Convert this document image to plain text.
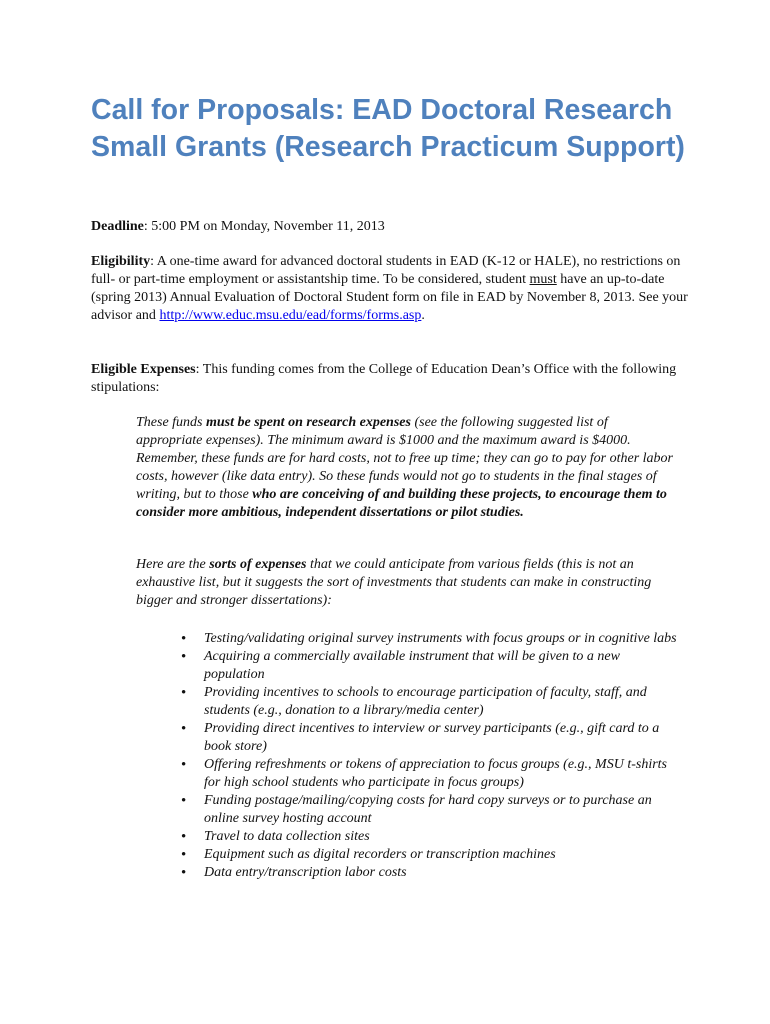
Call for Proposals: EAD Doctoral Research Small Grants (Research Practicum Support)

Deadline: 5:00 PM on Monday, November 11, 2013

Eligibility: A one-time award for advanced doctoral students in EAD (K-12 or HALE), no restrictions on full- or part-time employment or assistantship time. To be considered, student must have an up-to-date (spring 2013) Annual Evaluation of Doctoral Student form on file in EAD by November 8, 2013. See your advisor and http://www.educ.msu.edu/ead/forms/forms.asp.

Eligible Expenses: This funding comes from the College of Education Dean’s Office with the following stipulations:

These funds must be spent on research expenses (see the following suggested list of appropriate expenses). The minimum award is $1000 and the maximum award is $4000. Remember, these funds are for hard costs, not to free up time; they can go to pay for other labor costs, however (like data entry). So these funds would not go to students in the final stages of writing, but to those who are conceiving of and building these projects, to encourage them to consider more ambitious, independent dissertations or pilot studies.

Here are the sorts of expenses that we could anticipate from various fields (this is not an exhaustive list, but it suggests the sort of investments that students can make in constructing bigger and stronger dissertations):

• Testing/validating original survey instruments with focus groups or in cognitive labs
• Acquiring a commercially available instrument that will be given to a new population
• Providing incentives to schools to encourage participation of faculty, staff, and students (e.g., donation to a library/media center)
• Providing direct incentives to interview or survey participants (e.g., gift card to a book store)
• Offering refreshments or tokens of appreciation to focus groups (e.g., MSU t-shirts for high school students who participate in focus groups)
• Funding postage/mailing/copying costs for hard copy surveys or to purchase an online survey hosting account
• Travel to data collection sites
• Equipment such as digital recorders or transcription machines
• Data entry/transcription labor costs
